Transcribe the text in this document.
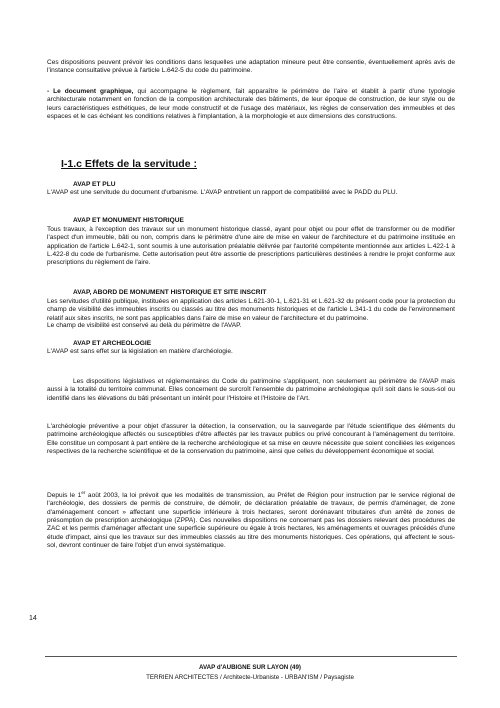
Ces dispositions peuvent prévoir les conditions dans lesquelles une adaptation mineure peut être consentie, éventuellement après avis de l'instance consultative prévue à l'article L.642-5 du code du patrimoine.

- Le document graphique, qui accompagne le règlement, fait apparaître le périmètre de l'aire et établit à partir d'une typologie architecturale notamment en fonction de la composition architecturale des bâtiments, de leur époque de construction, de leur style ou de leurs caractéristiques esthétiques, de leur mode constructif et de l'usage des matériaux, les règles de conservation des immeubles et des espaces et le cas échéant les conditions relatives à l'implantation, à la morphologie et aux dimensions des constructions.

I-1.c Effets de la servitude :

AVAP ET PLU

L'AVAP est une servitude du document d'urbanisme. L'AVAP entretient un rapport de compatibilité avec le PADD du PLU.

AVAP ET MONUMENT HISTORIQUE

Tous travaux, à l'exception des travaux sur un monument historique classé, ayant pour objet ou pour effet de transformer ou de modifier l'aspect d'un immeuble, bâti ou non, compris dans le périmètre d'une aire de mise en valeur de l'architecture et du patrimoine instituée en application de l'article L.642-1, sont soumis à une autorisation préalable délivrée par l'autorité compétente mentionnée aux articles L.422-1 à L.422-8 du code de l'urbanisme. Cette autorisation peut être assortie de prescriptions particulières destinées à rendre le projet conforme aux prescriptions du règlement de l'aire.

AVAP, ABORD DE MONUMENT HISTORIQUE ET SITE INSCRIT

Les servitudes d'utilité publique, instituées en application des articles L.621-30-1, L.621-31 et L.621-32 du présent code pour la protection du champ de visibilité des immeubles inscrits ou classés au titre des monuments historiques et de l'article L.341-1 du code de l'environnement relatif aux sites inscrits, ne sont pas applicables dans l'aire de mise en valeur de l'architecture et du patrimoine.

Le champ de visibilité est conservé au delà du périmètre de l'AVAP.

AVAP ET ARCHEOLOGIE

L'AVAP est sans effet sur la législation en matière d'archéologie.

Les dispositions législatives et réglementaires du Code du patrimoine s'appliquent, non seulement au périmètre de l'AVAP mais aussi à la totalité du territoire communal. Elles concernent de surcroît l'ensemble du patrimoine archéologique qu'il soit dans le sous-sol ou identifié dans les élévations du bâti présentant un intérêt pour l'Histoire et l'Histoire de l'Art.

L'archéologie préventive a pour objet d'assurer la détection, la conservation, ou la sauvegarde par l'étude scientifique des éléments du patrimoine archéologique affectés ou susceptibles d'être affectés par les travaux publics ou privé concourant à l'aménagement du territoire. Elle constitue un composant à part entière de la recherche archéologique et sa mise en œuvre nécessite que soient conciliées les exigences respectives de la recherche scientifique et de la conservation du patrimoine, ainsi que celles du développement économique et social.

Depuis le 1er août 2003, la loi prévoit que les modalités de transmission, au Préfet de Région pour instruction par le service régional de l'archéologie, des dossiers de permis de construire, de démolir, de déclaration préalable de travaux, de permis d'aménager, de zone d'aménagement concert » affectant une superficie inférieure à trois hectares, seront dorénavant tributaires d'un arrêté de zones de présomption de prescription archéologique (ZPPA). Ces nouvelles dispositions ne concernant pas les dossiers relevant des procédures de ZAC et les permis d'aménager affectant une superficie supérieure ou égale à trois hectares, les aménagements et ouvrages précédés d'une étude d'impact, ainsi que les travaux sur des immeubles classés au titre des monuments historiques. Ces opérations, qui affectent le sous-sol, devront continuer de faire l'objet d'un envoi systématique.

14

AVAP d'AUBIGNE SUR LAYON (49)

TERRIEN ARCHITECTES / Architecte-Urbaniste - URBAN'ISM / Paysagiste
